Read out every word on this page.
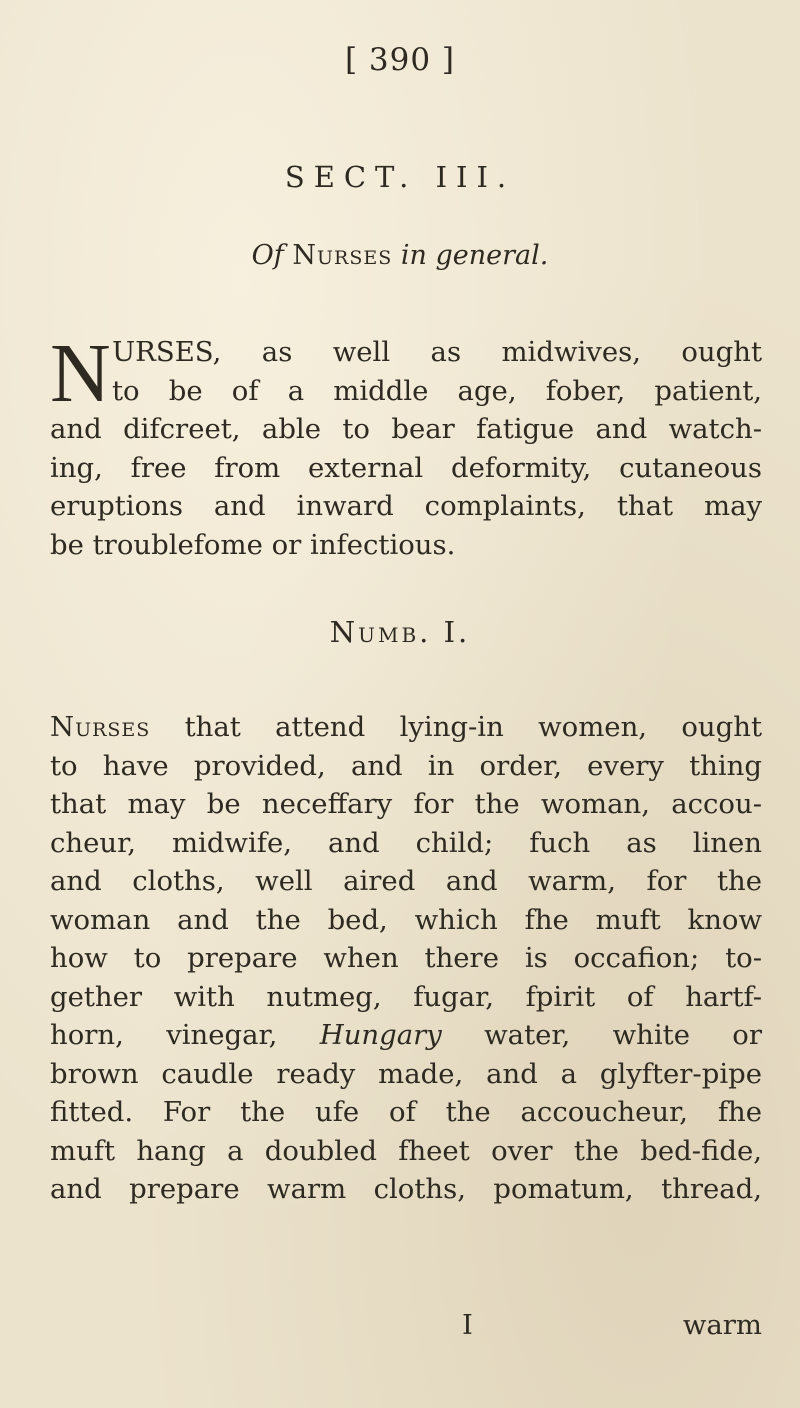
[ 390 ]
SECT. III.
Of Nurses in general.
N URSES, as well as midwives, ought
to be of a middle age, fober, patient,
and difcreet, able to bear fatigue and watch-
ing, free from external deformity, cutaneous
eruptions and inward complaints, that may
be troublefome or infectious.
Numb. I.
Nurses that attend lying-in women, ought
to have provided, and in order, every thing
that may be neceffary for the woman, accou-
cheur, midwife, and child; fuch as linen
and cloths, well aired and warm, for the
woman and the bed, which fhe muft know
how to prepare when there is occafion; to-
gether with nutmeg, fugar, fpirit of hartf-
horn, vinegar, Hungary water, white or
brown caudle ready made, and a glyfter-pipe
fitted. For the ufe of the accoucheur, fhe
muft hang a doubled fheet over the bed-fide,
and prepare warm cloths, pomatum, thread,
I	warm
